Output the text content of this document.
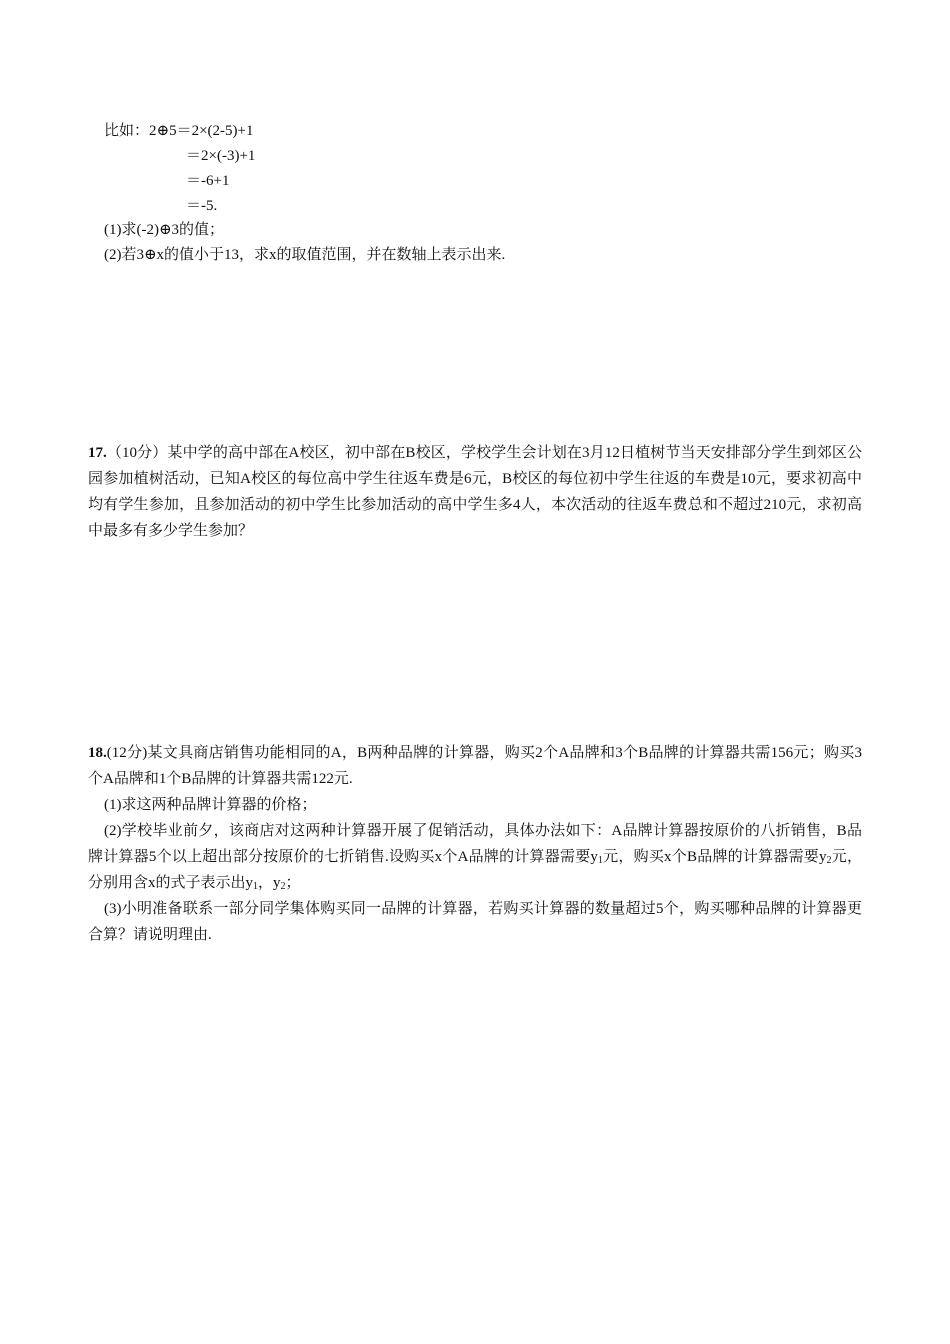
比如：2⊕5＝2×(2-5)+1
＝2×(-3)+1
＝-6+1
＝-5.
(1)求(-2)⊕3的值；
(2)若3⊕x的值小于13，求x的取值范围，并在数轴上表示出来.
17.（10分）某中学的高中部在A校区，初中部在B校区，学校学生会计划在3月12日植树节当天安排部分学生到郊区公园参加植树活动，已知A校区的每位高中学生往返车费是6元，B校区的每位初中学生往返的车费是10元，要求初高中均有学生参加，且参加活动的初中学生比参加活动的高中学生多4人，本次活动的往返车费总和不超过210元，求初高中最多有多少学生参加？
18.(12分)某文具商店销售功能相同的A，B两种品牌的计算器，购买2个A品牌和3个B品牌的计算器共需156元；购买3个A品牌和1个B品牌的计算器共需122元.
(1)求这两种品牌计算器的价格；
(2)学校毕业前夕，该商店对这两种计算器开展了促销活动，具体办法如下：A品牌计算器按原价的八折销售，B品牌计算器5个以上超出部分按原价的七折销售.设购买x个A品牌的计算器需要$y_1$元，购买x个B品牌的计算器需要$y_2$元，分别用含x的式子表示出$y_1$，$y_2$；
(3)小明准备联系一部分同学集体购买同一品牌的计算器，若购买计算器的数量超过5个，购买哪种品牌的计算器更合算？请说明理由.
